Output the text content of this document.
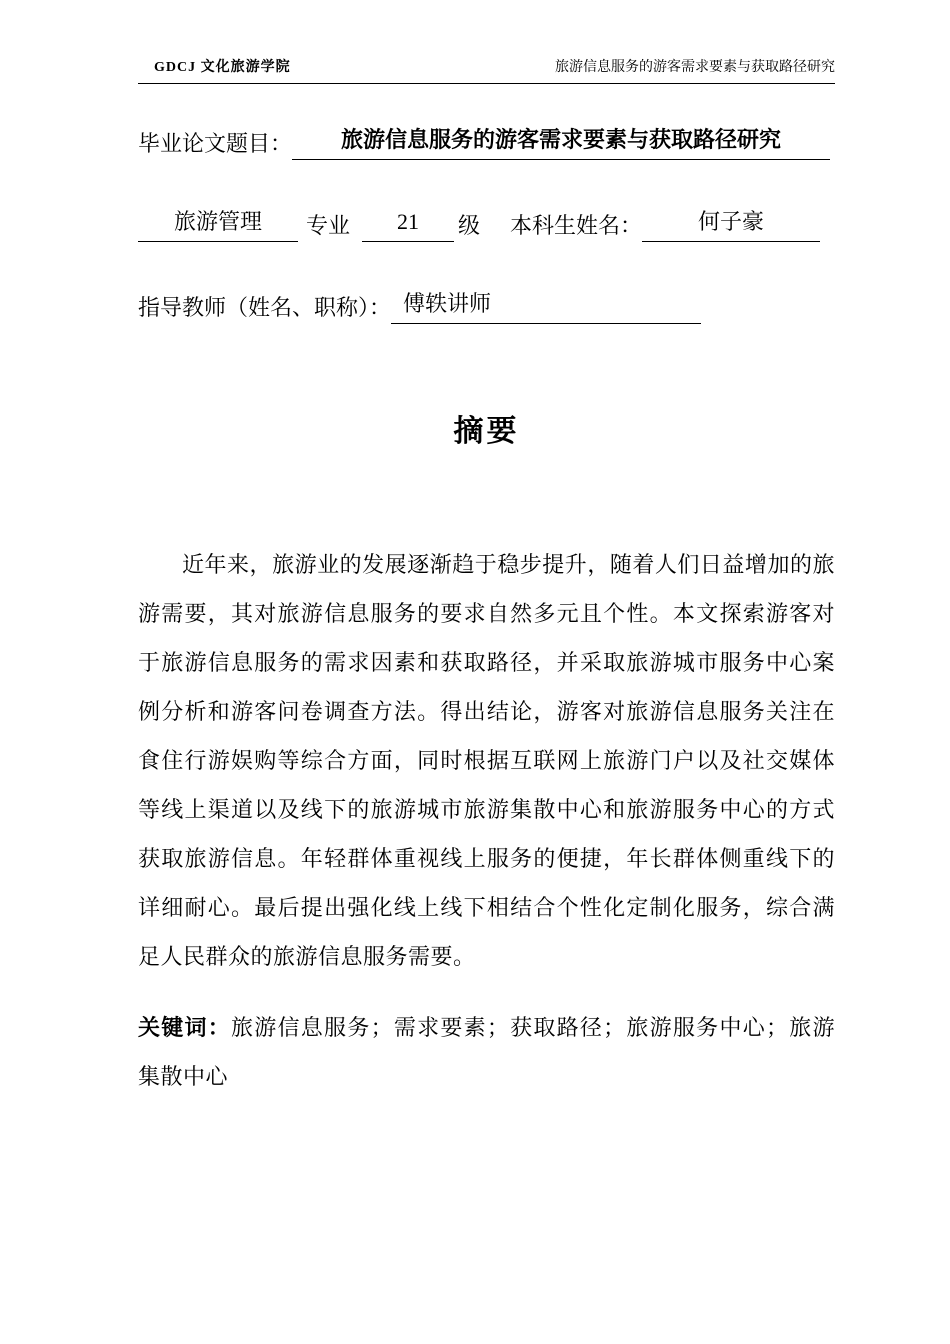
GDCJ 文化旅游学院	旅游信息服务的游客需求要素与获取路径研究
毕业论文题目： 旅游信息服务的游客需求要素与获取路径研究
旅游管理 专业 21 级 本科生姓名：	何子豪
指导教师（姓名、职称）： 傅轶讲师
摘要

近年来，旅游业的发展逐渐趋于稳步提升，随着人们日益增加的旅游需要，其对旅游信息服务的要求自然多元且个性。本文探索游客对于旅游信息服务的需求因素和获取路径，并采取旅游城市服务中心案例分析和游客问卷调查方法。得出结论，游客对旅游信息服务关注在食住行游娱购等综合方面，同时根据互联网上旅游门户以及社交媒体等线上渠道以及线下的旅游城市旅游集散中心和旅游服务中心的方式获取旅游信息。年轻群体重视线上服务的便捷，年长群体侧重线下的详细耐心。最后提出强化线上线下相结合个性化定制化服务，综合满足人民群众的旅游信息服务需要。

关键词：旅游信息服务；需求要素；获取路径；旅游服务中心；旅游集散中心
